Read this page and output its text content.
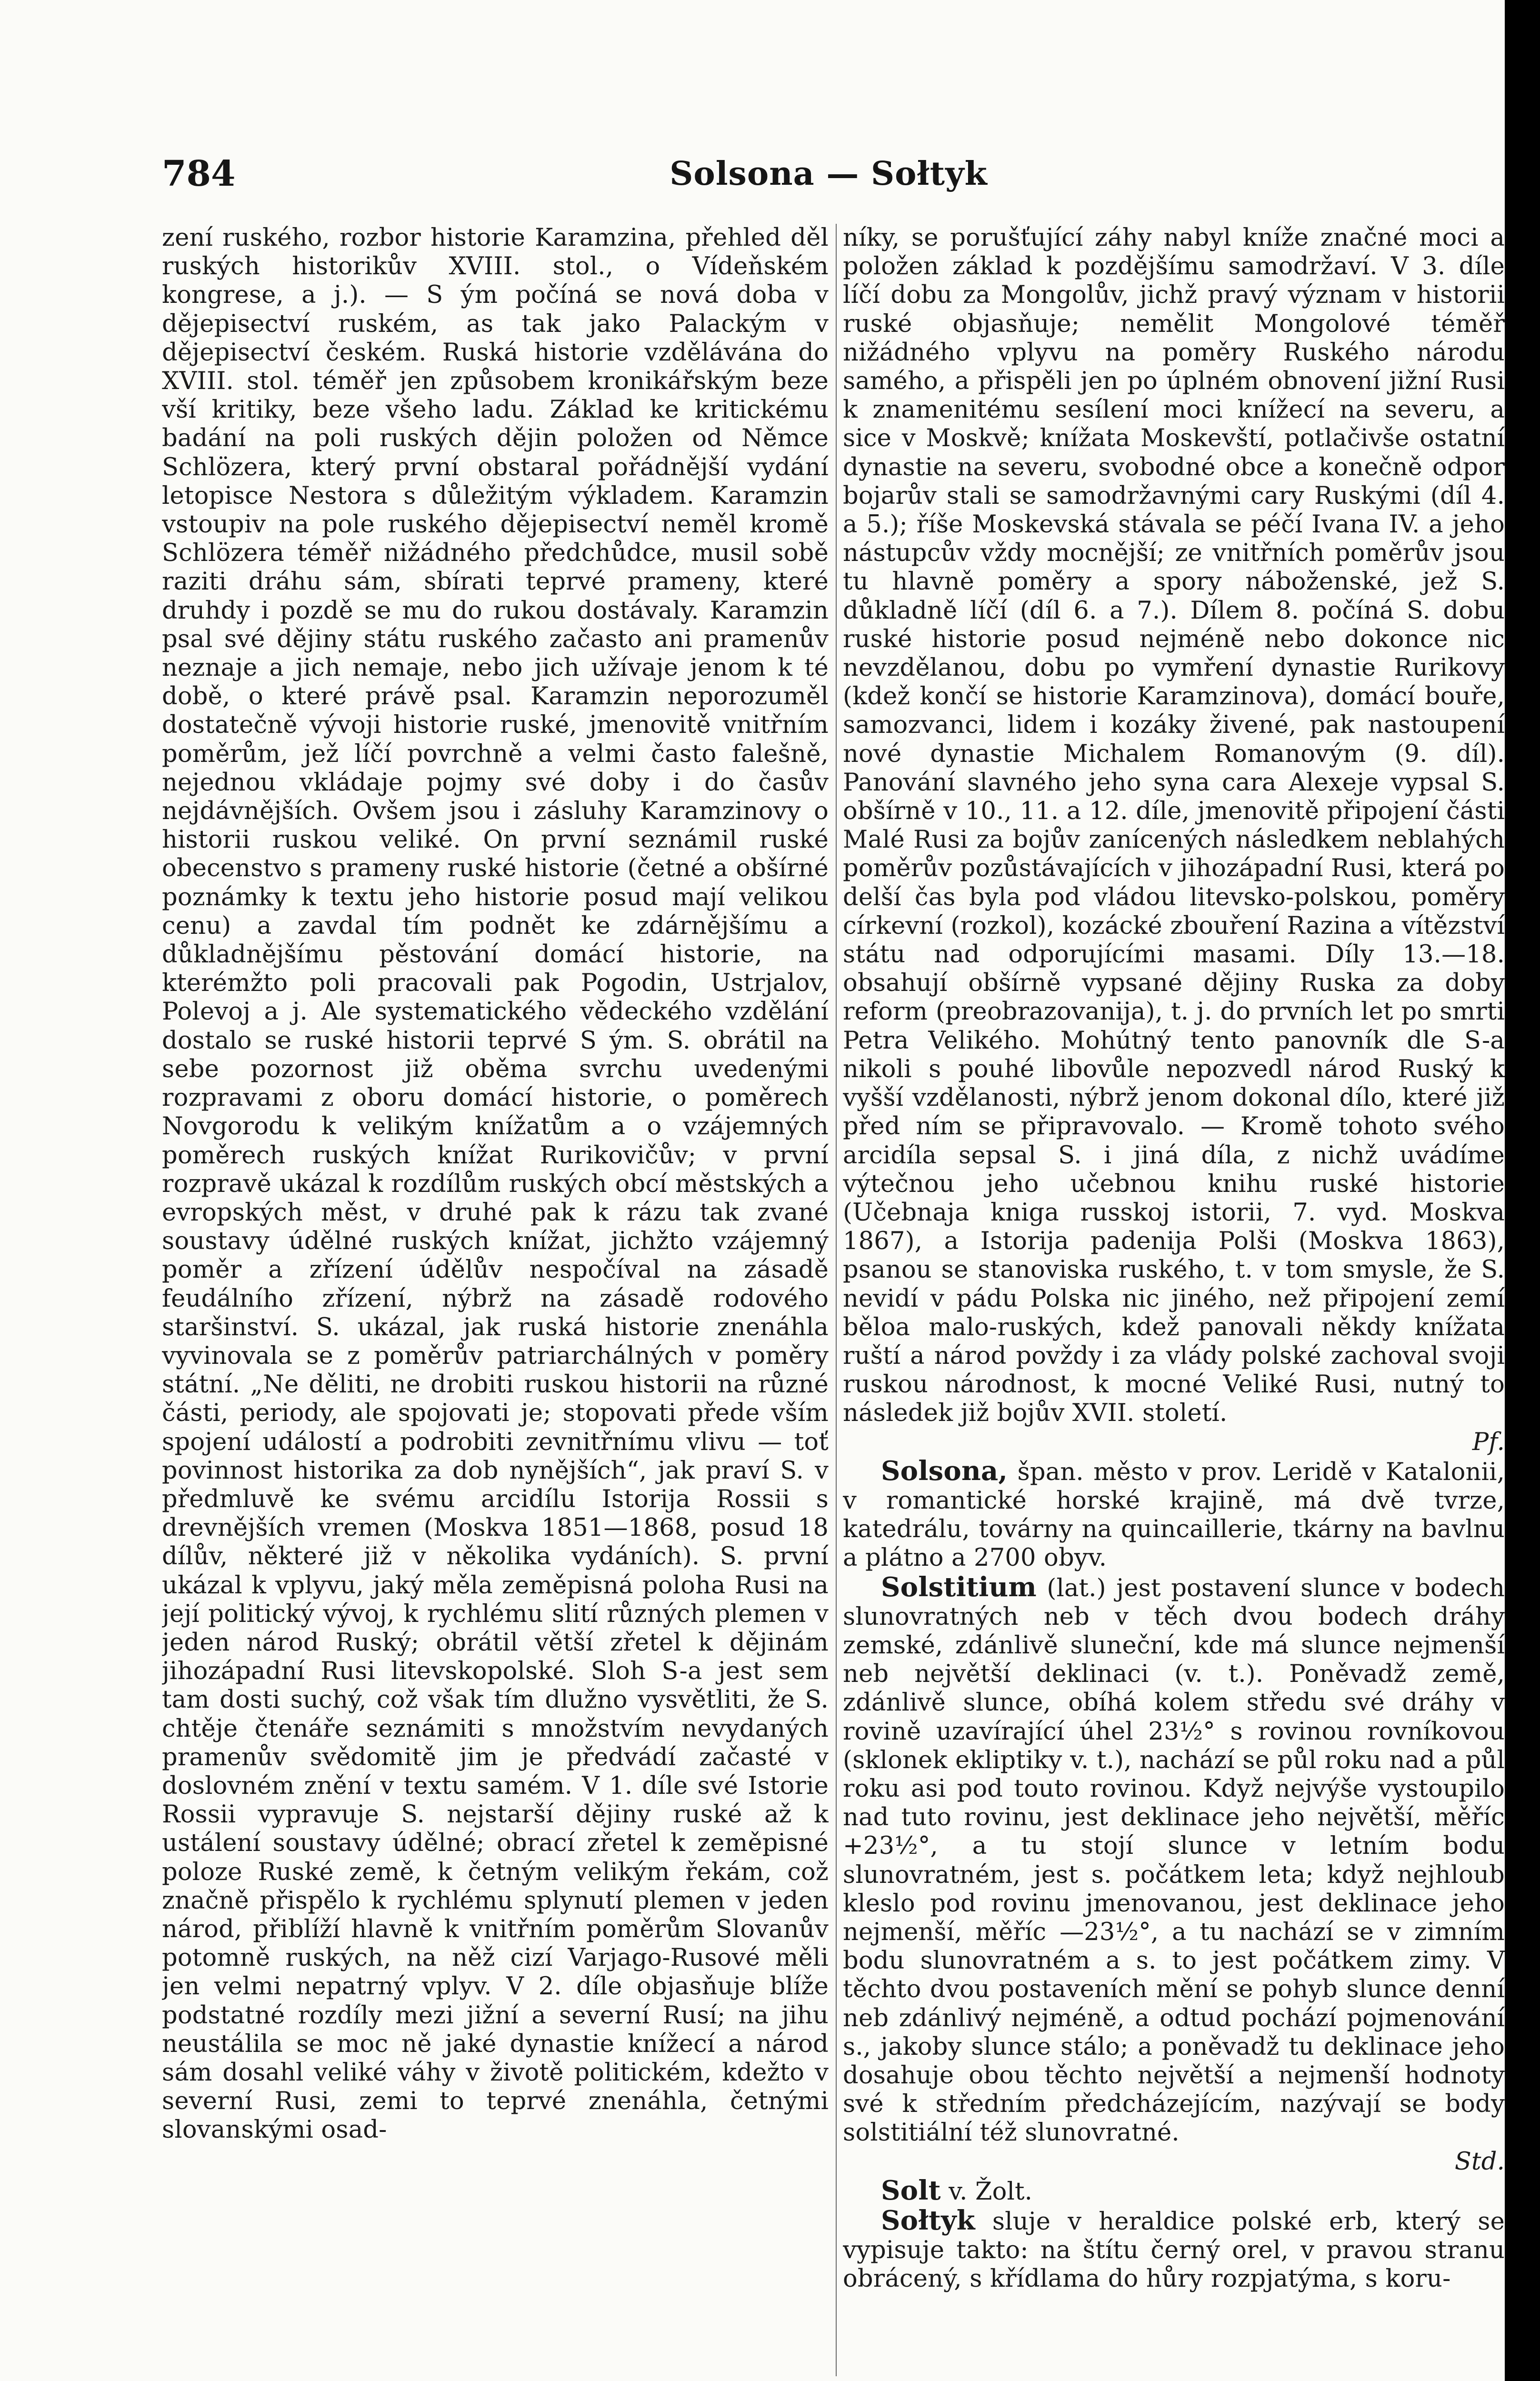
784	Solsona — Sołtyk

zení ruského, rozbor historie Karamzina, přehled děl ruských historikův XVIII. stol., o Vídeňském kongrese, a j.). — S ým počíná se nová doba v dějepisectví ruském, as tak jako Palackým v dějepisectví českém. Ruská historie vzdělávána do XVIII. stol. téměř jen způsobem kronikářským beze vší kritiky, beze všeho ladu. Základ ke kritickému badání na poli ruských dějin položen od Němce Schlözera, který první obstaral pořádnější vydání letopisce Nestora s důležitým výkladem. Karamzin vstoupiv na pole ruského dějepisectví neměl kromě Schlözera téměř nižádného předchůdce, musil sobě raziti dráhu sám, sbírati teprvé prameny, které druhdy i pozdě se mu do rukou dostávaly. Karamzin psal své dějiny státu ruského začasto ani pramenův neznaje a jich nemaje, nebo jich užívaje jenom k té době, o které právě psal. Karamzin neporozuměl dostatečně vývoji historie ruské, jmenovitě vnitřním poměrům, jež líčí povrchně a velmi často falešně, nejednou vkládaje pojmy své doby i do časův nejdávnějších. Ovšem jsou i zásluhy Karamzinovy o historii ruskou veliké. On první seznámil ruské obecenstvo s prameny ruské historie (četné a obšírné poznámky k textu jeho historie posud mají velikou cenu) a zavdal tím podnět ke zdárnějšímu a důkladnějšímu pěstování domácí historie, na kterémžto poli pracovali pak Pogodin, Ustrjalov, Polevoj a j. Ale systematického vědeckého vzdělání dostalo se ruské historii teprvé S ým. S. obrátil na sebe pozornost již oběma svrchu uvedenými rozpravami z oboru domácí historie, o poměrech Novgorodu k velikým knížatům a o vzájemných poměrech ruských knížat Rurikovičův; v první rozpravě ukázal k rozdílům ruských obcí městských a evropských měst, v druhé pak k rázu tak zvané soustavy údělné ruských knížat, jichžto vzájemný poměr a zřízení údělův nespočíval na zásadě feudálního zřízení, nýbrž na zásadě rodového staršinství. S. ukázal, jak ruská historie znenáhla vyvinovala se z poměrův patriarchálných v poměry státní. „Ne děliti, ne drobiti ruskou historii na různé části, periody, ale spojovati je; stopovati přede vším spojení událostí a podrobiti zevnitřnímu vlivu — toť povinnost historika za dob nynějších“, jak praví S. v předmluvě ke svému arcidílu Istorija Rossii s drevnějších vremen (Moskva 1851—1868, posud 18 dílův, některé již v několika vydáních). S. první ukázal k vplyvu, jaký měla zeměpisná poloha Rusi na její politický vývoj, k rychlému slití různých plemen v jeden národ Ruský; obrátil větší zřetel k dějinám jihozápadní Rusi litevskopolské. Sloh S-a jest sem tam dosti suchý, což však tím dlužno vysvětliti, že S. chtěje čtenáře seznámiti s množstvím nevydaných pramenův svědomitě jim je předvádí začasté v doslovném znění v textu samém. V 1. díle své Istorie Rossii vypravuje S. nejstarší dějiny ruské až k ustálení soustavy údělné; obrací zřetel k zeměpisné poloze Ruské země, k četným velikým řekám, což značně přispělo k rychlému splynutí plemen v jeden národ, přiblíží hlavně k vnitřním poměrům Slovanův potomně ruských, na něž cizí Varjago-Rusové měli jen velmi nepatrný vplyv. V 2. díle objasňuje blíže podstatné rozdíly mezi jižní a severní Rusí; na jihu neustálila se moc ně jaké dynastie knížecí a národ sám dosahl veliké váhy v životě politickém, kdežto v severní Rusi, zemi to teprvé znenáhla, četnými slovanskými osad-

níky, se porušťující záhy nabyl kníže značné moci a položen základ k pozdějšímu samodržaví. V 3. díle líčí dobu za Mongolův, jichž pravý význam v historii ruské objasňuje; nemělit Mongolové téměř nižádného vplyvu na poměry Ruského národu samého, a přispěli jen po úplném obnovení jižní Rusi k znamenitému sesílení moci knížecí na severu, a sice v Moskvě; knížata Moskevští, potlačivše ostatní dynastie na severu, svobodné obce a konečně odpor bojarův stali se samodržavnými cary Ruskými (díl 4. a 5.); říše Moskevská stávala se péčí Ivana IV. a jeho nástupcův vždy mocnější; ze vnitřních poměrův jsou tu hlavně poměry a spory náboženské, jež S. důkladně líčí (díl 6. a 7.). Dílem 8. počíná S. dobu ruské historie posud nejméně nebo dokonce nic nevzdělanou, dobu po vymření dynastie Rurikovy (kdež končí se historie Karamzinova), domácí bouře, samozvanci, lidem i kozáky živené, pak nastoupení nové dynastie Michalem Romanovým (9. díl). Panování slavného jeho syna cara Alexeje vypsal S. obšírně v 10., 11. a 12. díle, jmenovitě připojení části Malé Rusi za bojův zanícených následkem neblahých poměrův pozůstávajících v jihozápadní Rusi, která po delší čas byla pod vládou litevsko-polskou, poměry církevní (rozkol), kozácké zbouření Razina a vítězství státu nad odporujícími masami. Díly 13.—18. obsahují obšírně vypsané dějiny Ruska za doby reform (preobrazovanija), t. j. do prvních let po smrti Petra Velikého. Mohútný tento panovník dle S-a nikoli s pouhé libovůle nepozvedl národ Ruský k vyšší vzdělanosti, nýbrž jenom dokonal dílo, které již před ním se připravovalo. — Kromě tohoto svého arcidíla sepsal S. i jiná díla, z nichž uvádíme výtečnou jeho učebnou knihu ruské historie (Učebnaja kniga russkoj istorii, 7. vyd. Moskva 1867), a Istorija padenija Polši (Moskva 1863), psanou se stanoviska ruského, t. v tom smysle, že S. nevidí v pádu Polska nic jiného, než připojení zemí běloa malo-ruských, kdež panovali někdy knížata ruští a národ povždy i za vlády polské zachoval svoji ruskou národnost, k mocné Veliké Rusi, nutný to následek již bojův XVII. století.

Pf.

Solsona, špan. město v prov. Leridě v Katalonii, v romantické horské krajině, má dvě tvrze, katedrálu, továrny na quincaillerie, tkárny na bavlnu a plátno a 2700 obyv.

Solstitium (lat.) jest postavení slunce v bodech slunovratných neb v těch dvou bodech dráhy zemské, zdánlivě sluneční, kde má slunce nejmenší neb největší deklinaci (v. t.). Poněvadž země, zdánlivě slunce, obíhá kolem středu své dráhy v rovině uzavírající úhel 23½° s rovinou rovníkovou (sklonek ekliptiky v. t.), nachází se půl roku nad a půl roku asi pod touto rovinou. Když nejvýše vystoupilo nad tuto rovinu, jest deklinace jeho největší, měříc +23½°, a tu stojí slunce v letním bodu slunovratném, jest s. počátkem leta; když nejhloub kleslo pod rovinu jmenovanou, jest deklinace jeho nejmenší, měříc —23½°, a tu nachází se v zimním bodu slunovratném a s. to jest počátkem zimy. V těchto dvou postaveních mění se pohyb slunce denní neb zdánlivý nejméně, a odtud pochází pojmenování s., jakoby slunce stálo; a poněvadž tu deklinace jeho dosahuje obou těchto největší a nejmenší hodnoty své k středním předcházejícím, nazývají se body solstitiální též slunovratné.

Std.

Solt v. Žolt.

Sołtyk sluje v heraldice polské erb, který se vypisuje takto: na štítu černý orel, v pravou stranu obrácený, s křídlama do hůry rozpjatýma, s koru-
